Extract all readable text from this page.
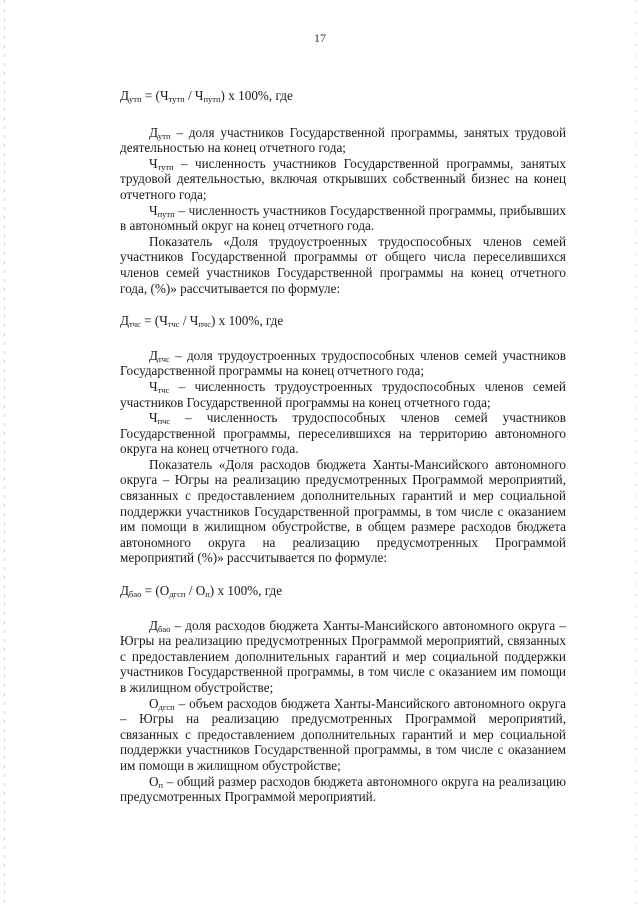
17

$Д_{утп} = (Ч_{тутп} / Ч_{путп})$ х 100%, где

$Д_{утп}$ – доля участников Государственной программы, занятых трудовой деятельностью на конец отчетного года;

$Ч_{тутп}$ – численность участников Государственной программы, занятых трудовой деятельностью, включая открывших собственный бизнес на конец отчетного года;

$Ч_{путп}$ – численность участников Государственной программы, прибывших в автономный округ на конец отчетного года.

Показатель «Доля трудоустроенных трудоспособных членов семей участников Государственной программы от общего числа переселившихся членов семей участников Государственной программы на конец отчетного года, (%)» рассчитывается по формуле:

$Д_{тчс} = (Ч_{тчс} / Ч_{пчс})$ х 100%, где

$Д_{тчс}$ – доля трудоустроенных трудоспособных членов семей участников Государственной программы на конец отчетного года;

$Ч_{тчс}$ – численность трудоустроенных трудоспособных членов семей участников Государственной программы на конец отчетного года;

$Ч_{пчс}$ – численность трудоспособных членов семей участников Государственной программы, переселившихся на территорию автономного округа на конец отчетного года.

Показатель «Доля расходов бюджета Ханты-Мансийского автономного округа – Югры на реализацию предусмотренных Программой мероприятий, связанных с предоставлением дополнительных гарантий и мер социальной поддержки участников Государственной программы, в том числе с оказанием им помощи в жилищном обустройстве, в общем размере расходов бюджета автономного округа на реализацию предусмотренных Программой мероприятий (%)» рассчитывается по формуле:

$Д_{бао} = (О_{дгсп} / О_п)$ х 100%, где

$Д_{бао}$ – доля расходов бюджета Ханты-Мансийского автономного округа – Югры на реализацию предусмотренных Программой мероприятий, связанных с предоставлением дополнительных гарантий и мер социальной поддержки участников Государственной программы, в том числе с оказанием им помощи в жилищном обустройстве;

$О_{дгсп}$ – объем расходов бюджета Ханты-Мансийского автономного округа – Югры на реализацию предусмотренных Программой мероприятий, связанных с предоставлением дополнительных гарантий и мер социальной поддержки участников Государственной программы, в том числе с оказанием им помощи в жилищном обустройстве;

$О_п$ – общий размер расходов бюджета автономного округа на реализацию предусмотренных Программой мероприятий.
